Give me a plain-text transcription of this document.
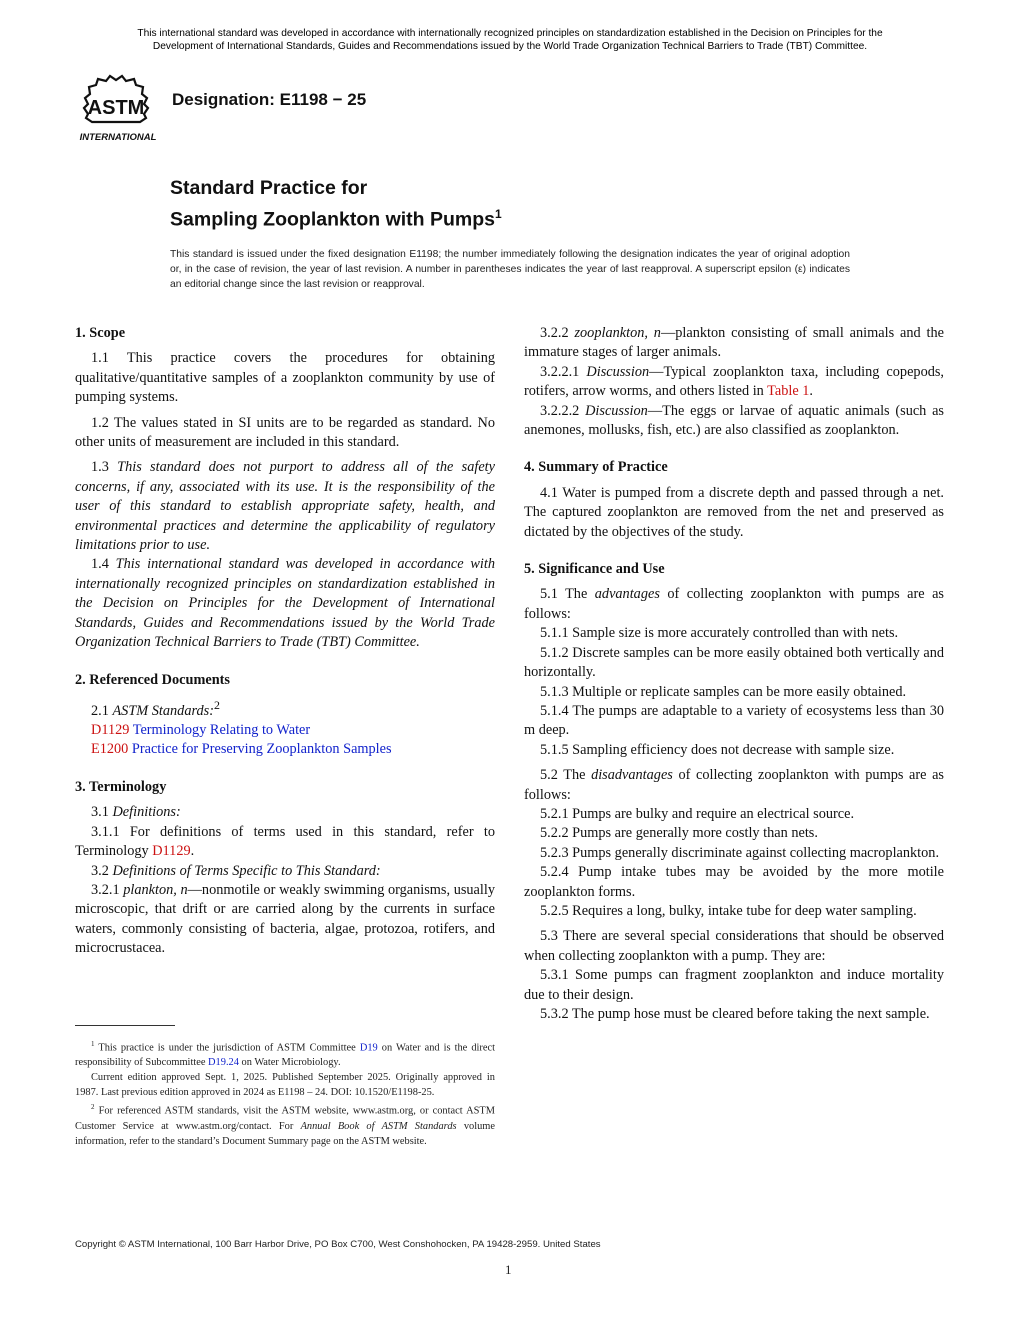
This international standard was developed in accordance with internationally recognized principles on standardization established in the Decision on Principles for the
Development of International Standards, Guides and Recommendations issued by the World Trade Organization Technical Barriers to Trade (TBT) Committee.
ASTM
INTERNATIONAL
Designation: E1198 − 25
Standard Practice for
Sampling Zooplankton with Pumps$^1$
This standard is issued under the fixed designation E1198; the number immediately following the designation indicates the year of original adoption or, in the case of revision, the year of last revision. A number in parentheses indicates the year of last reapproval. A superscript epsilon (ε) indicates an editorial change since the last revision or reapproval.
1. Scope

1.1 This practice covers the procedures for obtaining qualitative/quantitative samples of a zooplankton community by use of pumping systems.

1.2 The values stated in SI units are to be regarded as standard. No other units of measurement are included in this standard.

1.3 This standard does not purport to address all of the safety concerns, if any, associated with its use. It is the responsibility of the user of this standard to establish appropriate safety, health, and environmental practices and determine the applicability of regulatory limitations prior to use.

1.4 This international standard was developed in accordance with internationally recognized principles on standardization established in the Decision on Principles for the Development of International Standards, Guides and Recommendations issued by the World Trade Organization Technical Barriers to Trade (TBT) Committee.

2. Referenced Documents

2.1 ASTM Standards:$^2$

D1129 Terminology Relating to Water

E1200 Practice for Preserving Zooplankton Samples

3. Terminology

3.1 Definitions:

3.1.1 For definitions of terms used in this standard, refer to Terminology D1129.

3.2 Definitions of Terms Specific to This Standard:

3.2.1 plankton, n—nonmotile or weakly swimming organisms, usually microscopic, that drift or are carried along by the currents in surface waters, commonly consisting of bacteria, algae, protozoa, rotifers, and microcrustacea.

3.2.2 zooplankton, n—plankton consisting of small animals and the immature stages of larger animals.

3.2.2.1 Discussion—Typical zooplankton taxa, including copepods, rotifers, arrow worms, and others listed in Table 1.

3.2.2.2 Discussion—The eggs or larvae of aquatic animals (such as anemones, mollusks, fish, etc.) are also classified as zooplankton.

4. Summary of Practice

4.1 Water is pumped from a discrete depth and passed through a net. The captured zooplankton are removed from the net and preserved as dictated by the objectives of the study.

5. Significance and Use

5.1 The advantages of collecting zooplankton with pumps are as follows:

5.1.1 Sample size is more accurately controlled than with nets.

5.1.2 Discrete samples can be more easily obtained both vertically and horizontally.

5.1.3 Multiple or replicate samples can be more easily obtained.

5.1.4 The pumps are adaptable to a variety of ecosystems less than 30 m deep.

5.1.5 Sampling efficiency does not decrease with sample size.

5.2 The disadvantages of collecting zooplankton with pumps are as follows:

5.2.1 Pumps are bulky and require an electrical source.

5.2.2 Pumps are generally more costly than nets.

5.2.3 Pumps generally discriminate against collecting macroplankton.

5.2.4 Pump intake tubes may be avoided by the more motile zooplankton forms.

5.2.5 Requires a long, bulky, intake tube for deep water sampling.

5.3 There are several special considerations that should be observed when collecting zooplankton with a pump. They are:

5.3.1 Some pumps can fragment zooplankton and induce mortality due to their design.

5.3.2 The pump hose must be cleared before taking the next sample.

$^1$ This practice is under the jurisdiction of ASTM Committee D19 on Water and is the direct responsibility of Subcommittee D19.24 on Water Microbiology.

Current edition approved Sept. 1, 2025. Published September 2025. Originally approved in 1987. Last previous edition approved in 2024 as E1198 – 24. DOI: 10.1520/E1198-25.

$^2$ For referenced ASTM standards, visit the ASTM website, www.astm.org, or contact ASTM Customer Service at www.astm.org/contact. For Annual Book of ASTM Standards volume information, refer to the standard’s Document Summary page on the ASTM website.

Copyright © ASTM International, 100 Barr Harbor Drive, PO Box C700, West Conshohocken, PA 19428-2959. United States
1
